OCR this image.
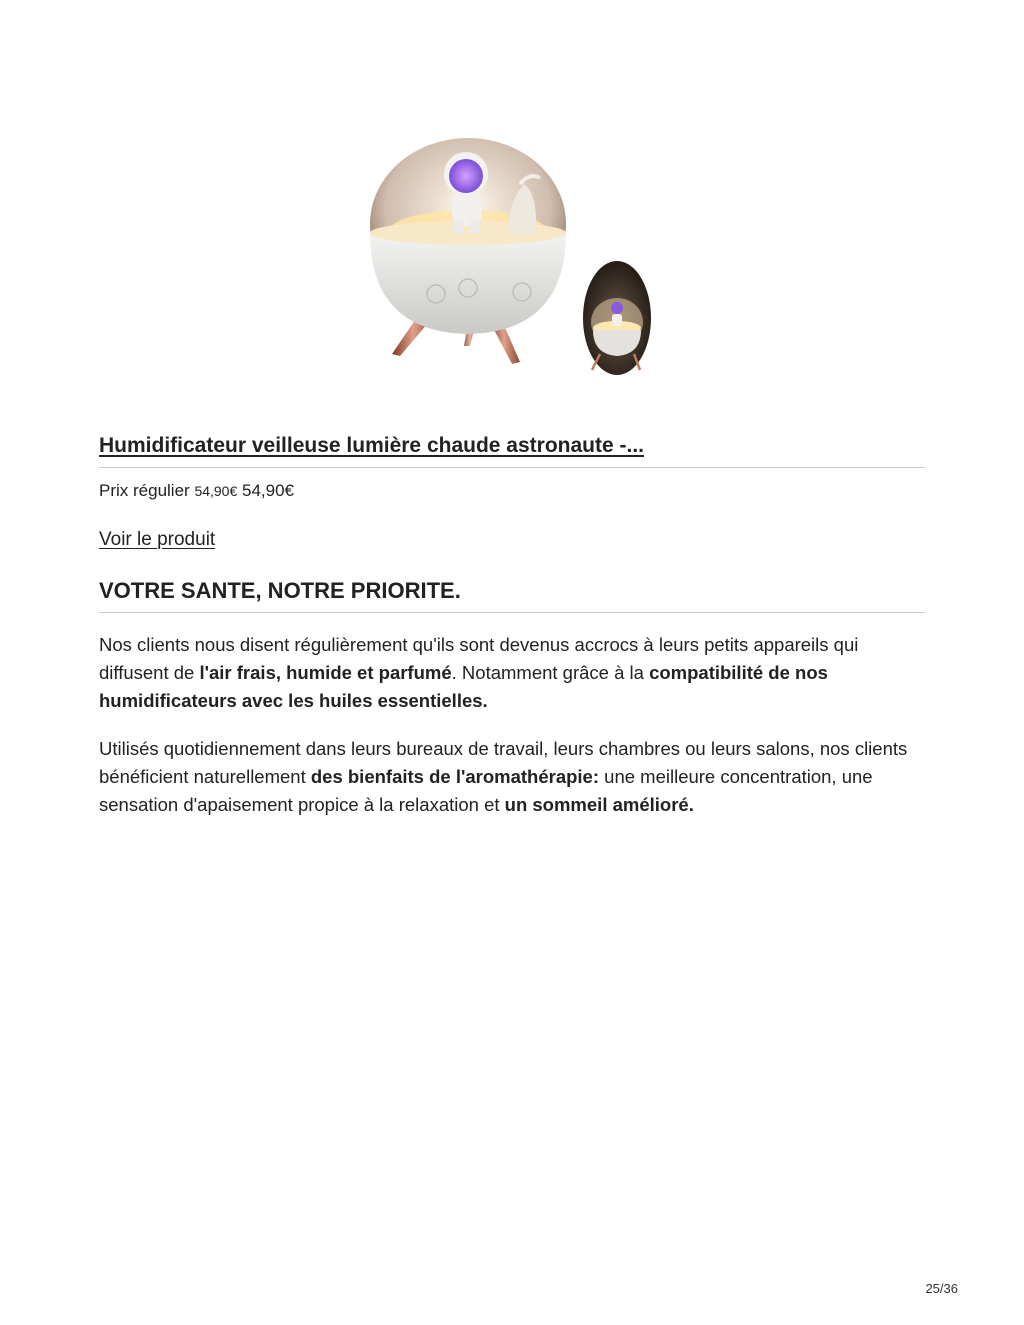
Humidificateur veilleuse lumière chaude astronaute -...
Prix régulier 54,90€ 54,90€
Voir le produit
VOTRE SANTE, NOTRE PRIORITE.
Nos clients nous disent régulièrement qu'ils sont devenus accrocs à leurs petits appareils qui diffusent de l'air frais, humide et parfumé. Notamment grâce à la compatibilité de nos humidificateurs avec les huiles essentielles.
Utilisés quotidiennement dans leurs bureaux de travail, leurs chambres ou leurs salons, nos clients bénéficient naturellement des bienfaits de l'aromathérapie: une meilleure concentration, une sensation d'apaisement propice à la relaxation et un sommeil amélioré.
25/36
